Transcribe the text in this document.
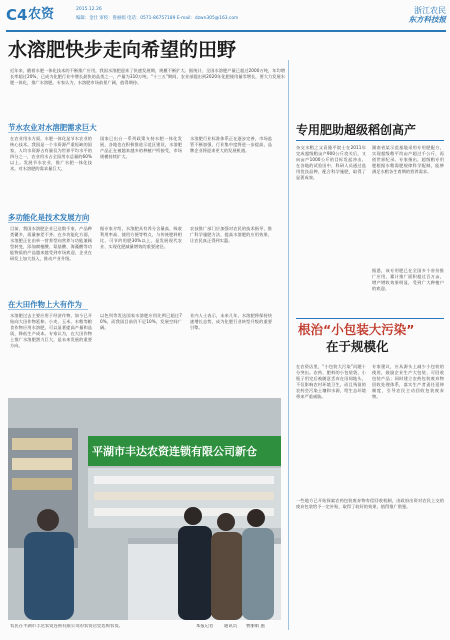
C4 农资	2015.12.26
编辑：金仕 审校：鲁丽娟 电话：0571-86757189 E-mail：dzwn305@163.com
浙江农民
东方科技报
水溶肥快步走向希望的田野
近年来，随着水肥一体化技术的不断推广应用，我国水溶肥迎来了快速发展期，规模不断扩大。据统计，全国水溶肥产量已超过2000万吨，年均增长率超过20%，已成为化肥行业中增长最快的品类之一，产量为310万吨。“十三五”期间，农业部提出到2020年化肥使用量零增长，要大力发展水肥一体化，推广水溶肥。专家认为，水溶肥市场前景广阔，值得期待。
节水农业对水溶肥需求巨大
在农业用水方面，水肥一体化是节水农业的核心技术，我国是一个水资源严重短缺的国家，人均水资源占有量仅为世界平均水平的四分之一，农业用水占全国用水总量的60%以上。发展节水农业，推广水肥一体化技术，对水溶肥的需求量巨大。
国家已出台一系列政策支持水肥一体化发展，各地也在积极推进示范区建设，水溶肥产品正在被越来越多的种植户所接受，市场规模持续扩大。
水溶肥行业标准体系正在逐步完善，市场监管不断加强，行业集中度将进一步提高，品牌企业将迎来更大的发展机遇。
多功能化是技术发展方向
目前，我国水溶肥企业已达数千家，产品种类繁多，质量参差不齐。在多功能化方面，水溶肥正在由单一营养型向营养与功能兼顾型转变，添加腐植酸、氨基酸、海藻酸等功能物质的产品越来越受到市场欢迎，企业在研发上加大投入，推动产业升级。
据专家介绍，水溶肥具有养分含量高、吸收利用率高、使用方便等特点，与传统肥料相比，可节约用肥30%以上，是发展现代农业、实现化肥减量增效的重要途径。
农技推广部门应加强对农民的技术指导，推广科学施肥方法，提高水溶肥的应用效果，让农民真正得到实惠。
在大田作物上大有作为
水溶肥过去主要应用于经济作物，如今已开始向大田作物延伸。小麦、玉米、水稻等粮食作物应用水溶肥，可以显著提高产量和品质，降低生产成本。专家认为，在大田作物上推广水溶肥潜力巨大，是未来发展的重要方向。
以色列等发达国家水溶肥应用比例已超过70%，而我国目前仍不足10%，发展空间广阔。
业内人士表示，未来几年，水溶肥将保持快速增长态势，成为化肥行业转型升级的重要引擎。
平湖市丰达农资连锁有限公司新仓
农民在平湖市丰达农资连锁有限公司的农资店里选购农资。	本报记者	通讯员	曹丽娟 施
专用肥助超级稻创高产
杂交水稻之父袁隆平院士在2011年完成超级稻亩产900公斤攻关后，又向亩产1000公斤的目标发起冲击。在各地的试验田中，科研人员通过选用优良品种，配合科学施肥，取得了显著成效。
湖南省某示范基地采用专用肥配方，实现超级稻平均亩产超过千公斤，再创世界纪录。专家指出，超级稻专用肥根据水稻需肥规律科学配制，能够满足水稻各生育期的营养需求。
据悉，该专用肥已在全国多个省份推广应用，累计推广面积超过百万亩，增产增收效果明显，受到广大种植户的欢迎。
根治“小包装大污染”
在于规模化
在农资店里，“小包装大污染”问题十分突出。农药、肥料的小包装袋、小瓶子用完后被随意丢弃在田间地头，不仅影响农村环境卫生，而且残留的农药会污染土壤和水源，给生态环境带来严重威胁。
专家建议，应从源头上减少小包装的使用，鼓励企业生产大包装、可回收包装产品；同时建立农药包装废弃物回收处理体系，落实生产者责任延伸制度，引导农民主动回收包装废弃物。
一些地方已开始探索农药包装废弃物有偿回收机制，由政府出资对农民上交的废弃包装给予一定补贴，取得了较好的效果，值得推广借鉴。
